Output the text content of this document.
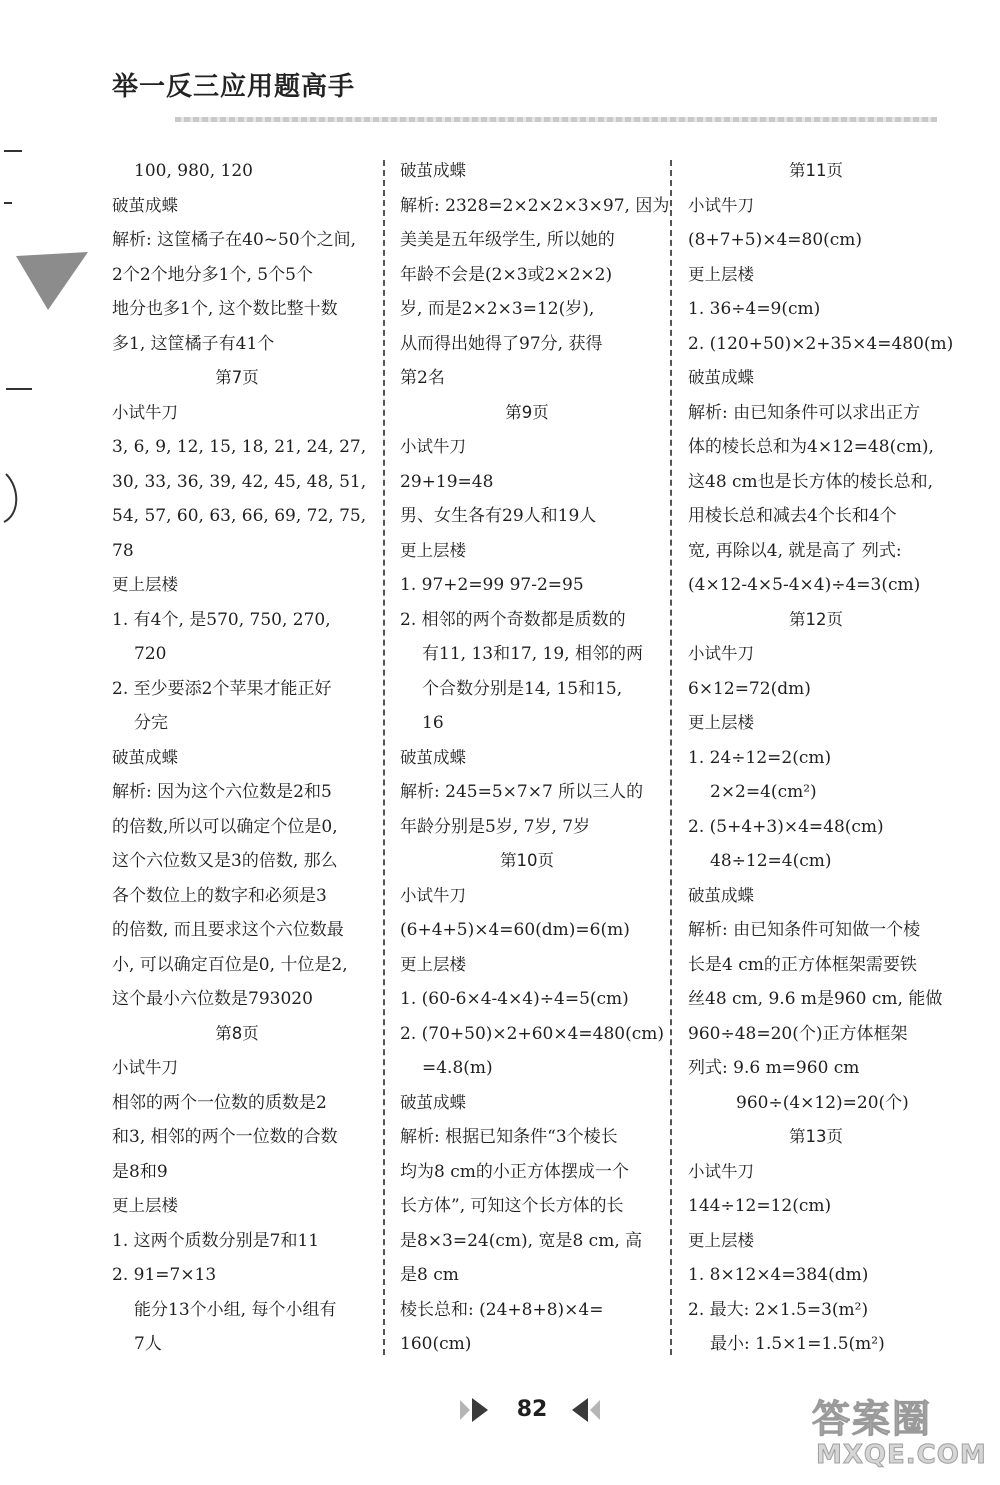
举一反三应用题高手
100, 980, 120
破茧成蝶
解析: 这筐橘子在40~50个之间,
2个2个地分多1个, 5个5个
地分也多1个, 这个数比整十数
多1, 这筐橘子有41个
第7页
小试牛刀
3, 6, 9, 12, 15, 18, 21, 24, 27,
30, 33, 36, 39, 42, 45, 48, 51,
54, 57, 60, 63, 66, 69, 72, 75,
78
更上层楼
1. 有4个, 是570, 750, 270,
720
2. 至少要添2个苹果才能正好
分完
破茧成蝶
解析: 因为这个六位数是2和5
的倍数,所以可以确定个位是0,
这个六位数又是3的倍数, 那么
各个数位上的数字和必须是3
的倍数, 而且要求这个六位数最
小, 可以确定百位是0, 十位是2,
这个最小六位数是793020
第8页
小试牛刀
相邻的两个一位数的质数是2
和3, 相邻的两个一位数的合数
是8和9
更上层楼
1. 这两个质数分别是7和11
2. 91=7×13
能分13个小组, 每个小组有
7人
破茧成蝶
解析: 2328=2×2×2×3×97, 因为
美美是五年级学生, 所以她的
年龄不会是(2×3或2×2×2)
岁, 而是2×2×3=12(岁),
从而得出她得了97分, 获得
第2名
第9页
小试牛刀
29+19=48
男、女生各有29人和19人
更上层楼
1. 97+2=99 97-2=95
2. 相邻的两个奇数都是质数的
有11, 13和17, 19, 相邻的两
个合数分别是14, 15和15,
16
破茧成蝶
解析: 245=5×7×7 所以三人的
年龄分别是5岁, 7岁, 7岁
第10页
小试牛刀
(6+4+5)×4=60(dm)=6(m)
更上层楼
1. (60-6×4-4×4)÷4=5(cm)
2. (70+50)×2+60×4=480(cm)
=4.8(m)
破茧成蝶
解析: 根据已知条件“3个棱长
均为8 cm的小正方体摆成一个
长方体”, 可知这个长方体的长
是8×3=24(cm), 宽是8 cm, 高
是8 cm
棱长总和: (24+8+8)×4=
160(cm)
第11页
小试牛刀
(8+7+5)×4=80(cm)
更上层楼
1. 36÷4=9(cm)
2. (120+50)×2+35×4=480(m)
破茧成蝶
解析: 由已知条件可以求出正方
体的棱长总和为4×12=48(cm),
这48 cm也是长方体的棱长总和,
用棱长总和减去4个长和4个
宽, 再除以4, 就是高了 列式:
(4×12-4×5-4×4)÷4=3(cm)
第12页
小试牛刀
6×12=72(dm)
更上层楼
1. 24÷12=2(cm)
2×2=4(cm²)
2. (5+4+3)×4=48(cm)
48÷12=4(cm)
破茧成蝶
解析: 由已知条件可知做一个棱
长是4 cm的正方体框架需要铁
丝48 cm, 9.6 m是960 cm, 能做
960÷48=20(个)正方体框架
列式: 9.6 m=960 cm
960÷(4×12)=20(个)
第13页
小试牛刀
144÷12=12(cm)
更上层楼
1. 8×12×4=384(dm)
2. 最大: 2×1.5=3(m²)
最小: 1.5×1=1.5(m²)
82	答案圈
MXQE.COM
